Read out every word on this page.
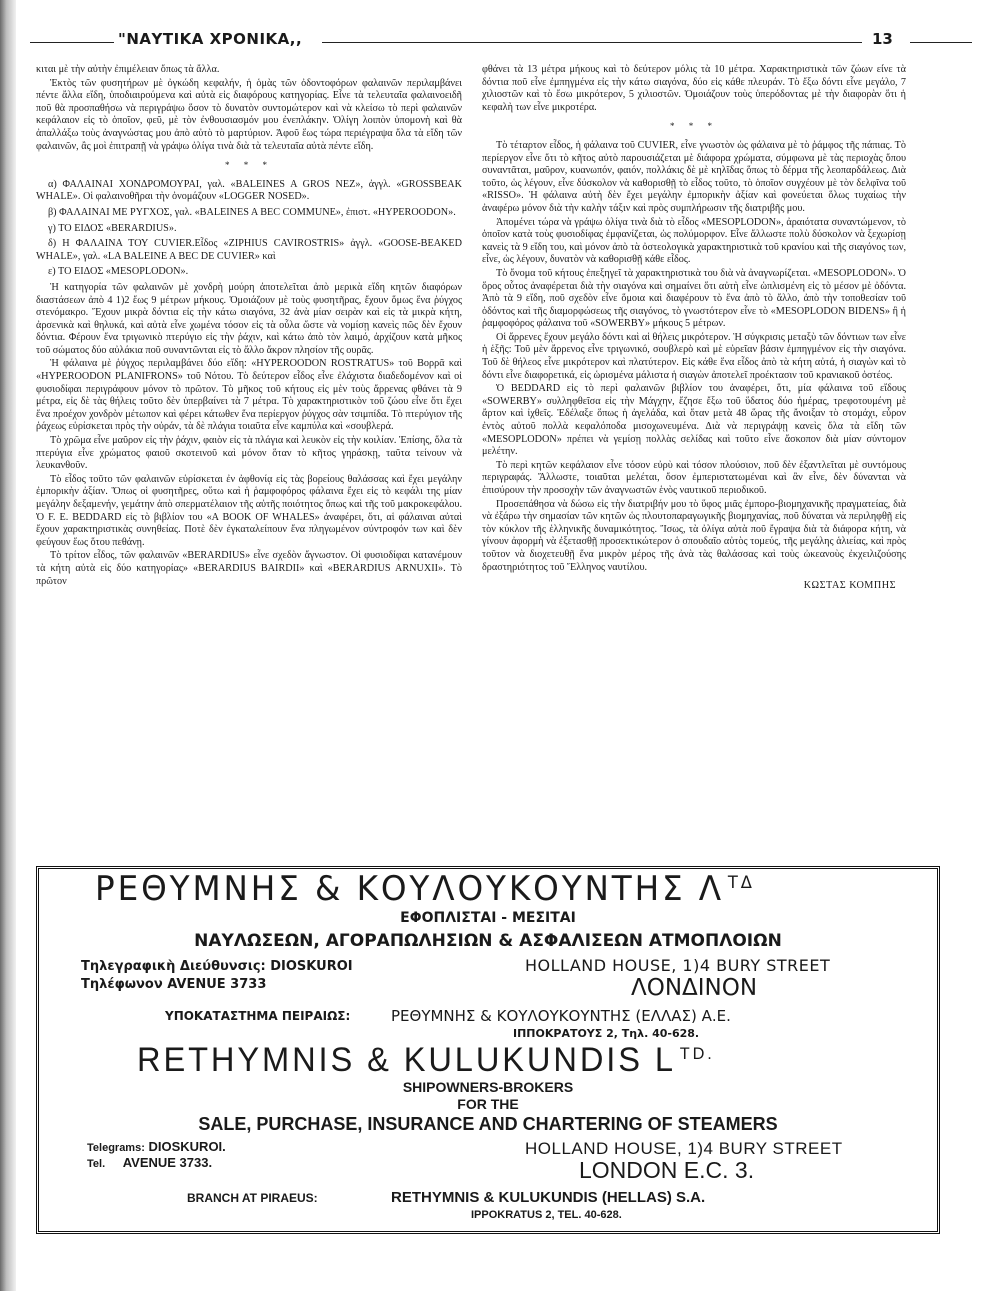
"ΝΑΥΤΙΚΑ ΧΡΟΝΙΚΑ,,	13

κιται μὲ τὴν αὐτὴν ἐπιμέλειαν ὅπως τὰ ἄλλα.

Ἐκτὸς τῶν φυσητήρων μὲ ὀγκώδη κεφαλήν, ἡ ὁμὰς τῶν ὀδοντοφόρων φαλαινῶν περιλαμβάνει πέντε ἄλλα εἴδη, ὑποδιαιρούμενα καὶ αὐτὰ εἰς διαφόρους κατηγορίας. Εἶνε τὰ τελευταῖα φαλαινοειδῆ ποῦ θὰ προσπαθήσω νὰ περιγράψω ὅσον τὸ δυνατὸν συντομώτερον καὶ νὰ κλείσω τὸ περὶ φαλαινῶν κεφάλαιον εἰς τὸ ὁποῖον, φεῦ, μὲ τὸν ἐνθουσιασμόν μου ἐνεπλάκην. Ὀλίγη λοιπὸν ὑπομονὴ καὶ θὰ ἀπαλλάξω τοὺς ἀναγνώστας μου ἀπὸ αὐτὸ τὸ μαρτύριον. Ἀφοῦ ἕως τώρα περιέγραψα ὅλα τὰ εἴδη τῶν φαλαινῶν, ἂς μοὶ ἐπιτραπῇ νὰ γράψω ὀλίγα τινὰ διὰ τὰ τελευταῖα αὐτὰ πέντε εἴδη.

* * *

α) ΦΑΛΑΙΝΑΙ ΧΟΝΔΡΟΜΟΥΡΑΙ, γαλ. «BALEINES A GROS NEZ», ἀγγλ. «GROSSBEAK WHALE». Οἱ φαλαινοθῆραι τὴν ὀνομάζουν «LOGGER NOSED».

β) ΦΑΛΑΙΝΑΙ ΜΕ ΡΥΓΧΟΣ, γαλ. «BALEINES A BEC COMMUNE», ἐπιστ. «HYPEROODON».

γ) ΤΟ ΕΙΔΟΣ «BERARDIUS».

δ) Η ΦΑΛΑΙΝΑ ΤΟΥ CUVIER.Εἶδος «ZIPHIUS CAVIROSTRIS» ἀγγλ. «GOOSE-BEAKED WHALE», γαλ. «LA BALEINE A BEC DE CUVIER» καὶ

ε) ΤΟ ΕΙΔΟΣ «MESOPLODON».

Ἡ κατηγορία τῶν φαλαινῶν μὲ χονδρὴ μούρη ἀποτελεῖται ἀπὸ μερικὰ εἴδη κητῶν διαφόρων διαστάσεων ἀπὸ 4 1)2 ἕως 9 μέτρων μήκους. Ὁμοιάζουν μὲ τοὺς φυσητῆρας, ἔχουν ὅμως ἕνα ῥύγχος στενόμακρο. Ἔχουν μικρὰ δόντια εἰς τὴν κάτω σιαγόνα, 32 ἀνὰ μίαν σειρὰν καὶ εἰς τὰ μικρὰ κήτη, ἀρσενικὰ καὶ θηλυκά, καὶ αὐτὰ εἶνε χωμένα τόσον εἰς τὰ οὖλα ὥστε νὰ νομίσῃ κανεὶς πῶς δὲν ἔχουν δόντια. Φέρουν ἕνα τριγωνικὸ πτερύγιο εἰς τὴν ῥάχιν, καὶ κάτω ἀπὸ τὸν λαιμό, ἀρχίζουν κατὰ μῆκος τοῦ σώματος δύο αὐλάκια ποῦ συναντῶνται εἰς τὸ ἄλλο ἄκρον πλησίον τῆς ουρᾶς.

Ἡ φάλαινα μὲ ῥύγχος περιλαμβάνει δύο εἴδη: «HYPEROODON ROSTRATUS» τοῦ Βορρᾶ καὶ «HYPEROODON PLANIFRONS» τοῦ Νότου. Τὸ δεύτερον εἶδος εἶνε ἐλάχιστα διαδεδομένον καὶ οἱ φυσιοδίφαι περιγράφουν μόνον τὸ πρῶτον. Τὸ μῆκος τοῦ κήτους εἰς μὲν τοὺς ἄρρενας φθάνει τὰ 9 μέτρα, εἰς δὲ τὰς θήλεις τοῦτο δὲν ὑπερβαίνει τὰ 7 μέτρα. Τὸ χαρακτηριστικὸν τοῦ ζώου εἶνε ὅτι ἔχει ἕνα προέχον χονδρὸν μέτωπον καὶ φέρει κάτωθεν ἕνα περίεργον ῥύγχος σὰν τσιμπίδα. Τὸ πτερύγιον τῆς ῥάχεως εὑρίσκεται πρὸς τὴν οὐράν, τὰ δὲ πλάγια τοιαῦτα εἶνε καμπύλα καὶ «σουβλερά.

Τὸ χρῶμα εἶνε μαῦρον εἰς τὴν ῥάχιν, φαιὸν εἰς τὰ πλάγια καὶ λευκὸν εἰς τὴν κοιλίαν. Ἐπίσης, ὅλα τὰ πτερύγια εἶνε χρώματος φαιοῦ σκοτεινοῦ καὶ μόνον ὅταν τὸ κῆτος γηράσκῃ, ταῦτα τείνουν νὰ λευκανθοῦν.

Τὸ εἶδος τοῦτο τῶν φαλαινῶν εὑρίσκεται ἐν ἀφθονίᾳ εἰς τὰς βορείους θαλάσσας καὶ ἔχει μεγάλην ἐμπορικὴν ἀξίαν. Ὅπως οἱ φυσητῆρες, οὕτω καὶ ἡ ῥαμφοφόρος φάλαινα ἔχει εἰς τὸ κεφάλι της μίαν μεγάλην δεξαμενήν, γεμάτην ἀπὸ σπερματέλαιον τῆς αὐτῆς ποιότητος ὅπως καὶ τῆς τοῦ μακροκεφάλου. Ὁ F. E. BEDDARD εἰς τὸ βιβλίον του «A BOOK OF WHALES» ἀναφέρει, ὅτι, αἱ φάλαιναι αὐταὶ ἔχουν χαρακτηριστικὰς συνηθείας. Ποτὲ δὲν ἐγκαταλείπουν ἕνα πληγωμένον σύντροφόν των καὶ δὲν φεύγουν ἕως ὅτου πεθάνῃ.

Τὸ τρίτον εἶδος, τῶν φαλαινῶν «BERARDIUS» εἶνε σχεδὸν ἄγνωστον. Οἱ φυσιοδίφαι κατανέμουν τὰ κήτη αὐτὰ εἰς δύο κατηγορίας» «BERARDIUS BAIRDII» καὶ «BERARDIUS ARNUXII». Τὸ πρῶτον

φθάνει τὰ 13 μέτρα μήκους καὶ τὸ δεύτερον μόλις τὰ 10 μέτρα. Χαρακτηριστικὰ τῶν ζώων εἶνε τὰ δόντια ποῦ εἶνε ἐμπηγμένα εἰς τὴν κάτω σιαγόνα, δύο εἰς κάθε πλευράν. Τὸ ἔξω δόντι εἶνε μεγάλο, 7 χιλιοστῶν καὶ τὸ ἔσω μικρότερον, 5 χιλιοστῶν. Ὁμοιάζουν τοὺς ὑπερόδοντας μὲ τὴν διαφορὰν ὅτι ἡ κεφαλὴ των εἶνε μικροτέρα.

* * *

Τὸ τέταρτον εἶδος, ἡ φάλαινα τοῦ CUVIER, εἶνε γνωστὸν ὡς φάλαινα μὲ τὸ ῥάμφος τῆς πάπιας. Τὸ περίεργον εἶνε ὅτι τὸ κῆτος αὐτὸ παρουσιάζεται μὲ διάφορα χρώματα, σύμφωνα μὲ τὰς περιοχὰς ὅπου συναντᾶται, μαῦρον, κυανωπόν, φαιόν, πολλάκις δὲ μὲ κηλῖδας ὅπως τὸ δέρμα τῆς λεοπαρδάλεως. Διὰ τοῦτο, ὡς λέγουν, εἶνε δύσκολον νὰ καθορισθῇ τὸ εἶδος τοῦτο, τὸ ὁποῖον συγχέουν μὲ τὸν δελφῖνα τοῦ «RISSO». Ἡ φάλαινα αὐτὴ δὲν ἔχει μεγάλην ἐμπορικὴν ἀξίαν καὶ φονεύεται ὅλως τυχαίως τὴν ἀναφέρω μόνον διὰ τὴν καλὴν τάξιν καὶ πρὸς συμπλήρωσιν τῆς διατριβῆς μου.

Ἀπομένει τώρα νὰ γράψω ὀλίγα τινὰ διὰ τὸ εἶδος «MESOPLODON», ἀραιότατα συναντώμενον, τὸ ὁποῖον κατὰ τοὺς φυσιοδίφας ἐμφανίζεται, ὡς πολύμορφον. Εἶνε ἄλλωστε πολὺ δύσκολον νὰ ξεχωρίσῃ κανεὶς τὰ 9 εἴδη του, καὶ μόνον ἀπὸ τὰ ὀστεολογικὰ χαρακτηριστικὰ τοῦ κρανίου καὶ τῆς σιαγόνος των, εἶνε, ὡς λέγουν, δυνατὸν νὰ καθορισθῇ κάθε εἶδος.

Τὸ ὄνομα τοῦ κήτους ἐπεξηγεῖ τὰ χαρακτηριστικὰ του διὰ νὰ ἀναγνωρίζεται. «MESOPLODON». Ὁ ὅρος οὗτος ἀναφέρεται διὰ τὴν σιαγόνα καὶ σημαίνει ὅτι αὐτὴ εἶνε ὡπλισμένη εἰς τὸ μέσον μὲ ὀδόντα. Ἀπὸ τὰ 9 εἴδη, ποῦ σχεδὸν εἶνε ὅμοια καὶ διαφέρουν τὸ ἕνα ἀπὸ τὸ ἄλλο, ἀπὸ τὴν τοποθεσίαν τοῦ ὀδόντος καὶ τῆς διαμορφώσεως τῆς σιαγόνος, τὸ γνωστότερον εἶνε τὸ «MESOPLODON BIDENS» ἢ ἡ ῥαμφοφόρος φάλαινα τοῦ «SOWERBY» μήκους 5 μέτρων.

Οἱ ἄρρενες ἔχουν μεγάλο δόντι καὶ αἱ θήλεις μικρότερον. Ἡ σύγκρισις μεταξὺ τῶν δόντιων των εἶνε ἡ ἑξῆς: Τοῦ μὲν ἄρρενος εἶνε τριγωνικό, σουβλερὸ καὶ μὲ εὐρεῖαν βάσιν ἐμπηγμένον εἰς τὴν σιαγόνα. Τοῦ δὲ θήλεος εἶνε μικρότερον καὶ πλατύτερον. Εἰς κάθε ἕνα εἶδος ἀπὸ τὰ κήτη αὐτά, ἡ σιαγὼν καὶ τὸ δόντι εἶνε διαφορετικά, εἰς ὡρισμένα μάλιστα ἡ σιαγὼν ἀποτελεῖ προέκτασιν τοῦ κρανιακοῦ ὀστέος.

Ὁ BEDDARD εἰς τὸ περὶ φαλαινῶν βιβλίον του ἀναφέρει, ὅτι, μία φάλαινα τοῦ εἴδους «SOWERBY» συλληφθεῖσα εἰς τὴν Μάγχην, ἔζησε ἔξω τοῦ ὕδατος δύο ἡμέρας, τρεφοτουμένη μὲ ἄρτον καὶ ἰχθεῖς. Ἐδέλαξε ὅπως ἡ ἀγελάδα, καὶ ὅταν μετὰ 48 ὥρας τῆς ἄνοιξαν τὸ στομάχι, εὗρον ἐντὸς αὐτοῦ πολλὰ κεφαλόποδα μισοχωνευμένα. Διὰ νὰ περιγράψῃ κανεὶς ὅλα τὰ εἴδη τῶν «MESOPLODON» πρέπει νὰ γεμίσῃ πολλὰς σελίδας καὶ τοῦτο εἶνε ἄσκοπον διὰ μίαν σύντομον μελέτην.

Τὸ περὶ κητῶν κεφάλαιον εἶνε τόσον εὐρὺ καὶ τόσον πλούσιον, ποῦ δὲν ἐξαντλεῖται μὲ συντόμους περιγραφάς. Ἄλλωστε, τοιαῦται μελέται, ὅσον ἐμπεριστατωμέναι καὶ ἂν εἶνε, δὲν δύνανται νὰ ἐπισύρουν τὴν προσοχὴν τῶν ἀναγνωστῶν ἑνὸς ναυτικοῦ περιοδικοῦ.

Προσεπάθησα νὰ δώσω εἰς τὴν διατριβήν μου τὸ ὕφος μιᾶς ἐμπορο-βιομηχανικῆς πραγματείας, διὰ νὰ ἐξάρω τὴν σημασίαν τῶν κητῶν ὡς πλουτοπαραγωγικῆς βιομηχανίας, ποῦ δύναται νὰ περιληφθῇ εἰς τὸν κύκλον τῆς ἑλληνικῆς δυναμικότητος. Ἴσως, τὰ ὀλίγα αὐτὰ ποῦ ἔγραψα διὰ τὰ διάφορα κήτη, νὰ γίνουν ἀφορμὴ νὰ ἐξετασθῇ προσεκτικώτερον ὁ σπουδαῖο αὐτὸς τομεύς, τῆς μεγάλης ἁλιείας, καὶ πρὸς τοῦτον νὰ διοχετευθῇ ἕνα μικρὸν μέρος τῆς ἀνὰ τὰς θαλάσσας καὶ τοὺς ὠκεανοὺς ἐκχειλιζούσης δραστηριότητος τοῦ Ἕλληνος ναυτίλου.

ΚΩΣΤΑΣ ΚΟΜΠΗΣ
ΡΕΘΥΜΝΗΣ & ΚΟΥΛΟΥΚΟΥΝΤΗΣ Λ $^{T\Delta}$
ΕΦΟΠΛΙΣΤΑΙ - ΜΕΣΙΤΑΙ
ΝΑΥΛΩΣΕΩΝ, ΑΓΟΡΑΠΩΛΗΣΙΩΝ & ΑΣΦΑΛΙΣΕΩΝ ΑΤΜΟΠΛΟΙΩΝ
Τηλεγραφικὴ Διεύθυνσις: DIOSKUROI
Τηλέφωνον AVENUE 3733
HOLLAND HOUSE, 1)4 BURY STREET
ΛΟΝΔΙΝΟΝ
ΥΠΟΚΑΤΑΣΤΗΜΑ ΠΕΙΡΑΙΩΣ:	ΡΕΘΥΜΝΗΣ & ΚΟΥΛΟΥΚΟΥΝΤΗΣ (ΕΛΛΑΣ) Α.Ε.
ΙΠΠΟΚΡΑΤΟΥΣ 2, Τηλ. 40-628.
RETHYMNIS & KULUKUNDIS L $^{TD.}$
SHIPOWNERS-BROKERS
FOR THE
SALE, PURCHASE, INSURANCE AND CHARTERING OF STEAMERS
Telegrams: DIOSKUROI.
Tel. AVENUE 3733.
HOLLAND HOUSE, 1)4 BURY STREET
LONDON E.C. 3.
BRANCH AT PIRAEUS:	RETHYMNIS & KULUKUNDIS (HELLAS) S.A.
IPPOKRATUS 2, TEL. 40-628.
